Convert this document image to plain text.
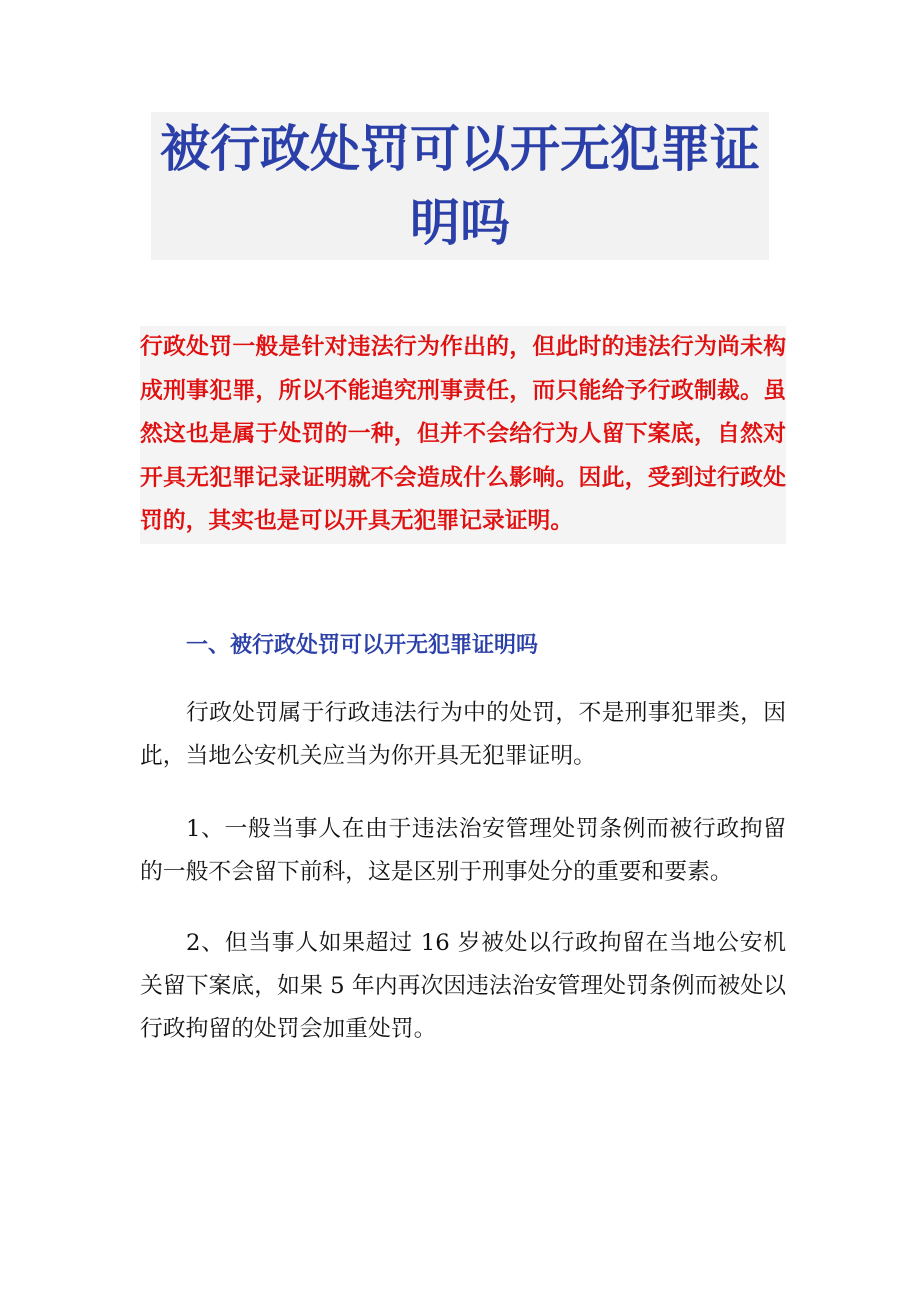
被行政处罚可以开无犯罪证明吗

行政处罚一般是针对违法行为作出的，但此时的违法行为尚未构成刑事犯罪，所以不能追究刑事责任，而只能给予行政制裁。虽然这也是属于处罚的一种，但并不会给行为人留下案底，自然对开具无犯罪记录证明就不会造成什么影响。因此，受到过行政处罚的，其实也是可以开具无犯罪记录证明。

一、被行政处罚可以开无犯罪证明吗

行政处罚属于行政违法行为中的处罚，不是刑事犯罪类，因此，当地公安机关应当为你开具无犯罪证明。

1、一般当事人在由于违法治安管理处罚条例而被行政拘留的一般不会留下前科，这是区别于刑事处分的重要和要素。

2、但当事人如果超过 16 岁被处以行政拘留在当地公安机关留下案底，如果 5 年内再次因违法治安管理处罚条例而被处以行政拘留的处罚会加重处罚。
